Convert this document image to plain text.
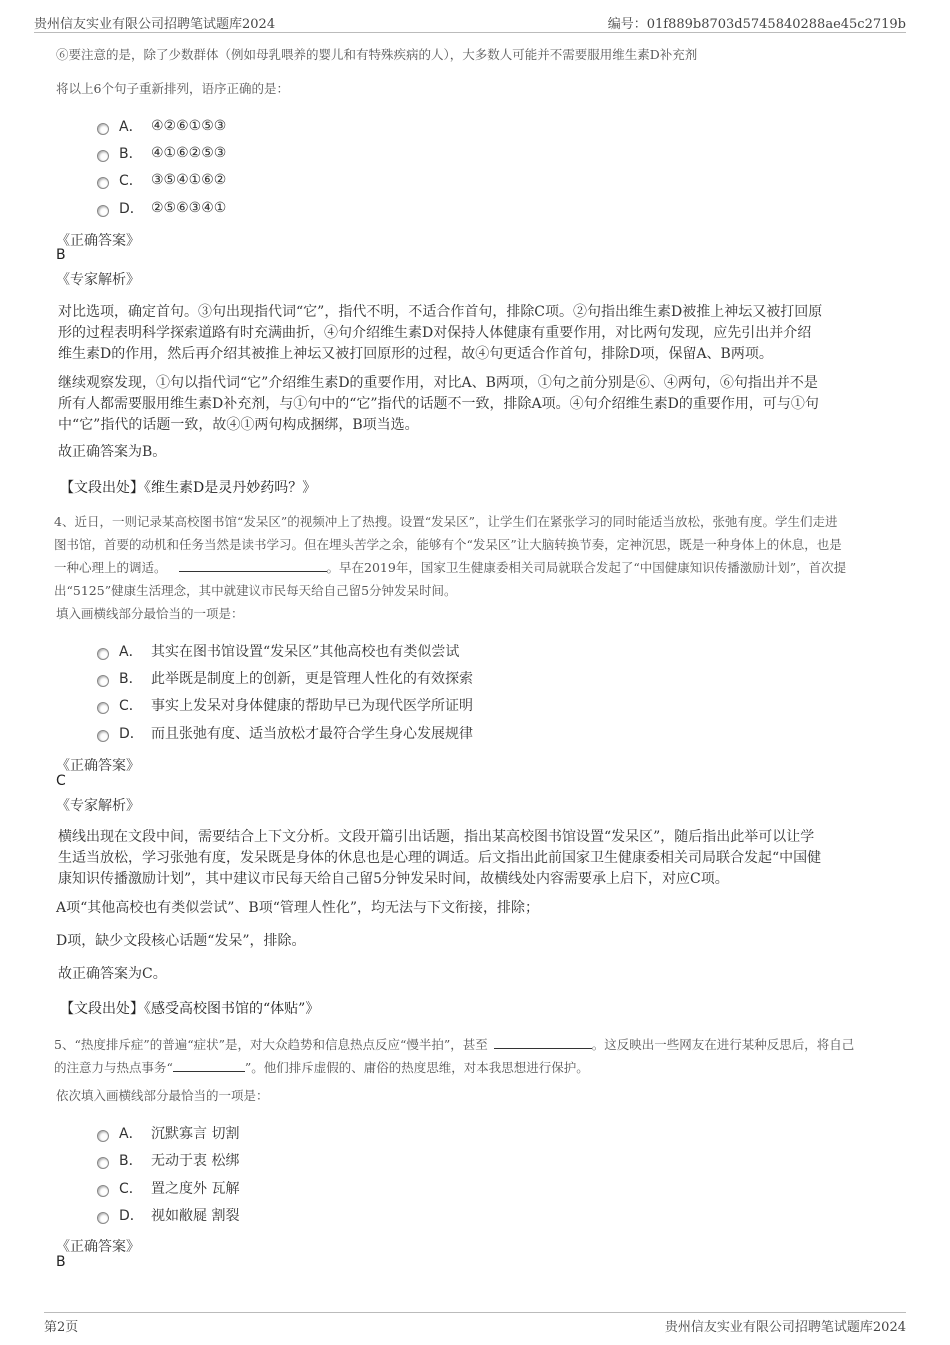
贵州信友实业有限公司招聘笔试题库2024	编号：01f889b8703d5745840288ae45c2719b
⑥要注意的是，除了少数群体（例如母乳喂养的婴儿和有特殊疾病的人），大多数人可能并不需要服用维生素D补充剂
将以上6个句子重新排列，语序正确的是：
A． ④②⑥①⑤③
B． ④①⑥②⑤③
C． ③⑤④①⑥②
D． ②⑤⑥③④①
《正确答案》
B
《专家解析》
对比选项，确定首句。③句出现指代词“它”，指代不明，不适合作首句，排除C项。②句指出维生素D被推上神坛又被打回原
形的过程表明科学探索道路有时充满曲折，④句介绍维生素D对保持人体健康有重要作用，对比两句发现，应先引出并介绍
维生素D的作用，然后再介绍其被推上神坛又被打回原形的过程，故④句更适合作首句，排除D项，保留A、B两项。
继续观察发现，①句以指代词“它”介绍维生素D的重要作用，对比A、B两项，①句之前分别是⑥、④两句，⑥句指出并不是
所有人都需要服用维生素D补充剂，与①句中的“它”指代的话题不一致，排除A项。④句介绍维生素D的重要作用，可与①句
中“它”指代的话题一致，故④①两句构成捆绑，B项当选。
故正确答案为B。
【文段出处】《维生素D是灵丹妙药吗？》
4、近日，一则记录某高校图书馆“发呆区”的视频冲上了热搜。设置“发呆区”，让学生们在紧张学习的同时能适当放松，张弛有度。学生们走进
图书馆，首要的动机和任务当然是读书学习。但在埋头苦学之余，能够有个“发呆区”让大脑转换节奏，定神沉思，既是一种身体上的休息，也是
一种心理上的调适。	。早在2019年，国家卫生健康委相关司局就联合发起了“中国健康知识传播激励计划”，首次提
出“5125”健康生活理念，其中就建议市民每天给自己留5分钟发呆时间。
填入画横线部分最恰当的一项是：
A． 其实在图书馆设置“发呆区”其他高校也有类似尝试
B． 此举既是制度上的创新，更是管理人性化的有效探索
C． 事实上发呆对身体健康的帮助早已为现代医学所证明
D． 而且张弛有度、适当放松才最符合学生身心发展规律
《正确答案》
C
《专家解析》
横线出现在文段中间，需要结合上下文分析。文段开篇引出话题，指出某高校图书馆设置“发呆区”，随后指出此举可以让学
生适当放松，学习张弛有度，发呆既是身体的休息也是心理的调适。后文指出此前国家卫生健康委相关司局联合发起“中国健
康知识传播激励计划”，其中建议市民每天给自己留5分钟发呆时间，故横线处内容需要承上启下，对应C项。
A项“其他高校也有类似尝试”、B项“管理人性化”，均无法与下文衔接，排除；
D项，缺少文段核心话题“发呆”，排除。
故正确答案为C。
【文段出处】《感受高校图书馆的“体贴”》
5、“热度排斥症”的普遍“症状”是，对大众趋势和信息热点反应“慢半拍”，甚至	。这反映出一些网友在进行某种反思后，将自己
的注意力与热点事务“	”。他们排斥虚假的、庸俗的热度思维，对本我思想进行保护。
依次填入画横线部分最恰当的一项是：
A． 沉默寡言 切割
B． 无动于衷 松绑
C． 置之度外 瓦解
D． 视如敝屣 割裂
《正确答案》
B
第2页	贵州信友实业有限公司招聘笔试题库2024
